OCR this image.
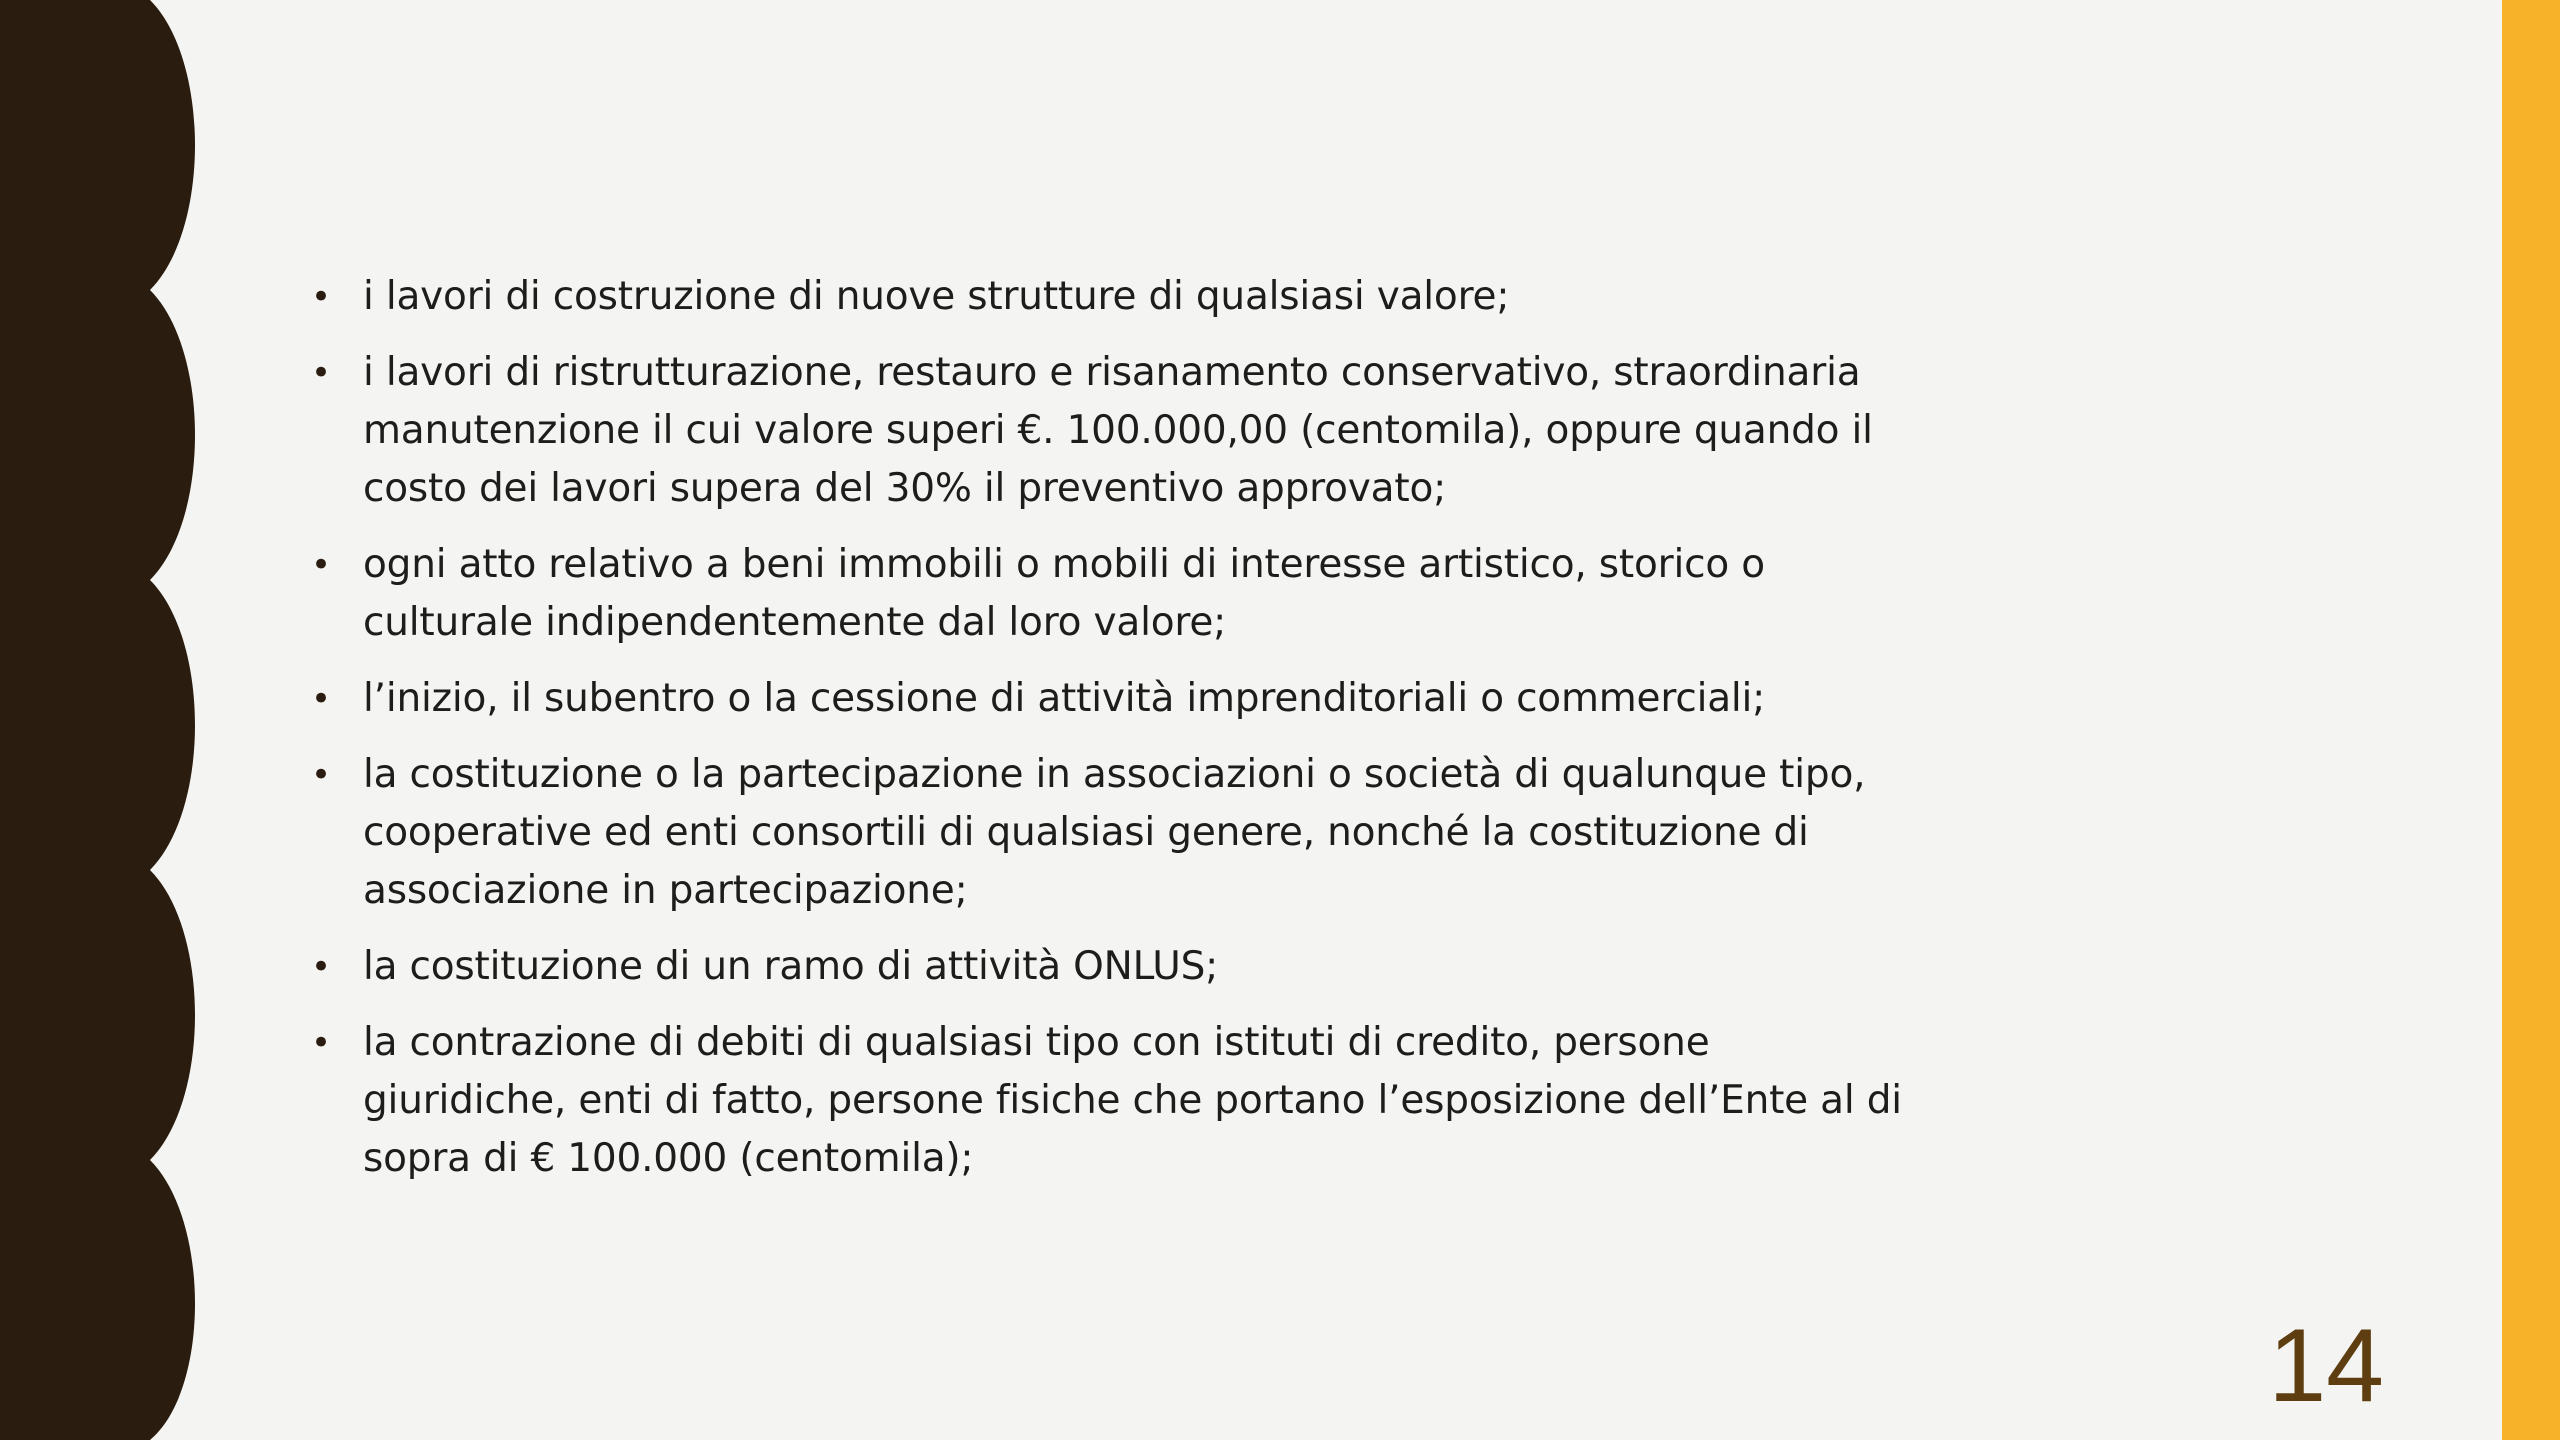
• i lavori di costruzione di nuove strutture di qualsiasi valore;
• i lavori di ristrutturazione, restauro e risanamento conservativo, straordinaria manutenzione il cui valore superi €. 100.000,00 (centomila), oppure quando il costo dei lavori supera del 30% il preventivo approvato;
• ogni atto relativo a beni immobili o mobili di interesse artistico, storico o culturale indipendentemente dal loro valore;
• l’inizio, il subentro o la cessione di attività imprenditoriali o commerciali;
• la costituzione o la partecipazione in associazioni o società di qualunque tipo, cooperative ed enti consortili di qualsiasi genere, nonché la costituzione di associazione in partecipazione;
• la costituzione di un ramo di attività ONLUS;
• la contrazione di debiti di qualsiasi tipo con istituti di credito, persone giuridiche, enti di fatto, persone fisiche che portano l’esposizione dell’Ente al di sopra di € 100.000 (centomila);
14
